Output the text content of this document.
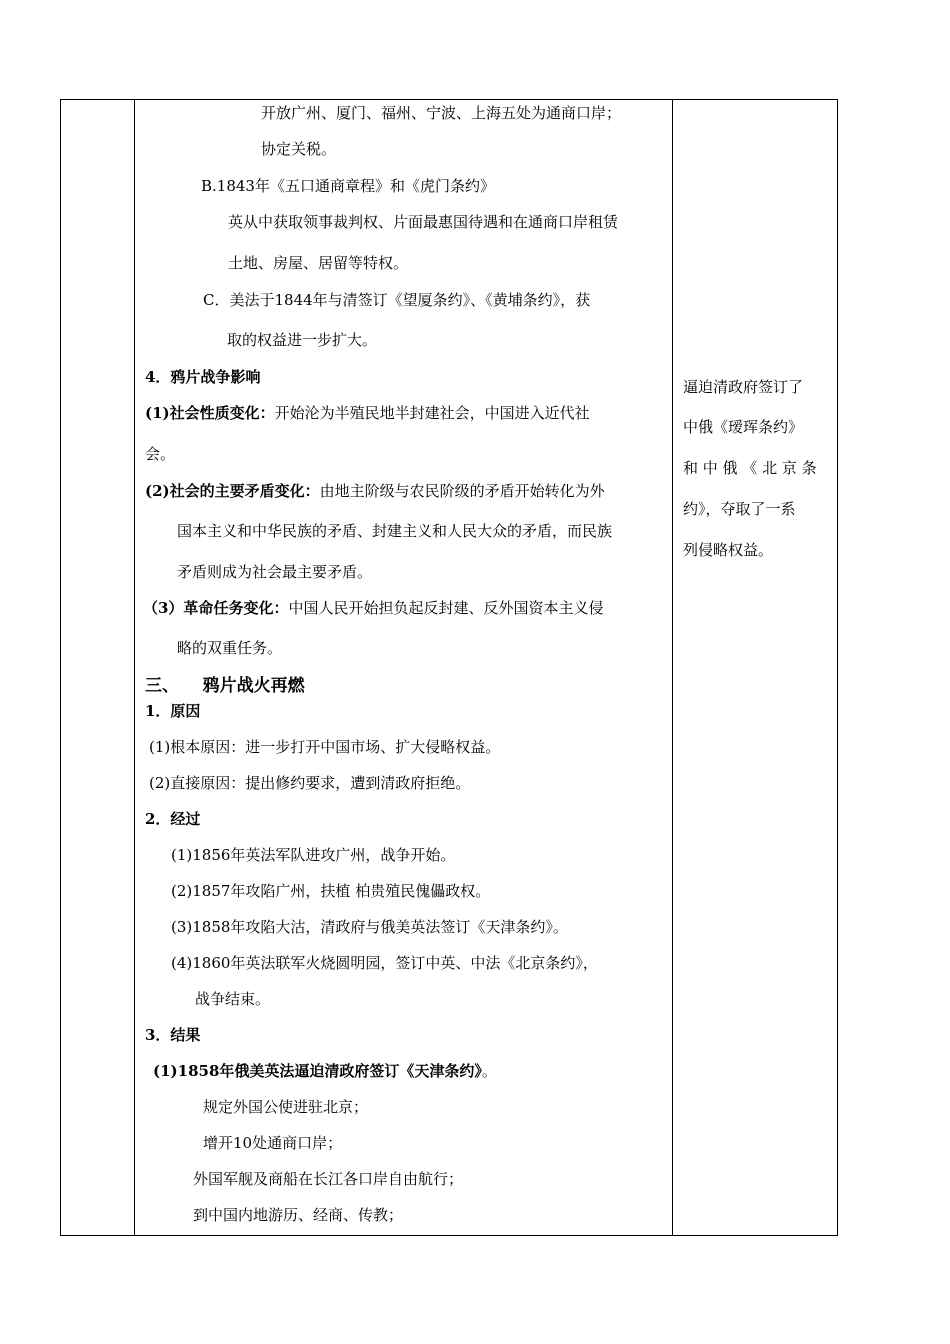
开放广州、厦门、福州、宁波、上海五处为通商口岸；
协定关税。
B.1843年《五口通商章程》和《虎门条约》
英从中获取领事裁判权、片面最惠国待遇和在通商口岸租赁
土地、房屋、居留等特权。
C．美法于1844年与清签订《望厦条约》、《黄埔条约》，获
取的权益进一步扩大。
4．鸦片战争影响
(1)社会性质变化：开始沦为半殖民地半封建社会，中国进入近代社
会。
(2)社会的主要矛盾变化：由地主阶级与农民阶级的矛盾开始转化为外
国本主义和中华民族的矛盾、封建主义和人民大众的矛盾，而民族
矛盾则成为社会最主要矛盾。
（3）革命任务变化：中国人民开始担负起反封建、反外国资本主义侵
略的双重任务。
三、    鸦片战火再燃
1．原因
(1)根本原因：进一步打开中国市场、扩大侵略权益。
(2)直接原因：提出修约要求，遭到清政府拒绝。
2．经过
(1)1856年英法军队进攻广州，战争开始。
(2)1857年攻陷广州，扶植 柏贵殖民傀儡政权。
(3)1858年攻陷大沽，清政府与俄美英法签订《天津条约》。
(4)1860年英法联军火烧圆明园，签订中英、中法《北京条约》，
战争结束。
3．结果
(1)1858年俄美英法逼迫清政府签订《天津条约》。
规定外国公使进驻北京；
增开10处通商口岸；
外国军舰及商船在长江各口岸自由航行；
到中国内地游历、经商、传教；
逼迫清政府签订了
中俄《瑷珲条约》
和 中 俄 《 北 京 条
约》，夺取了一系
列侵略权益。
